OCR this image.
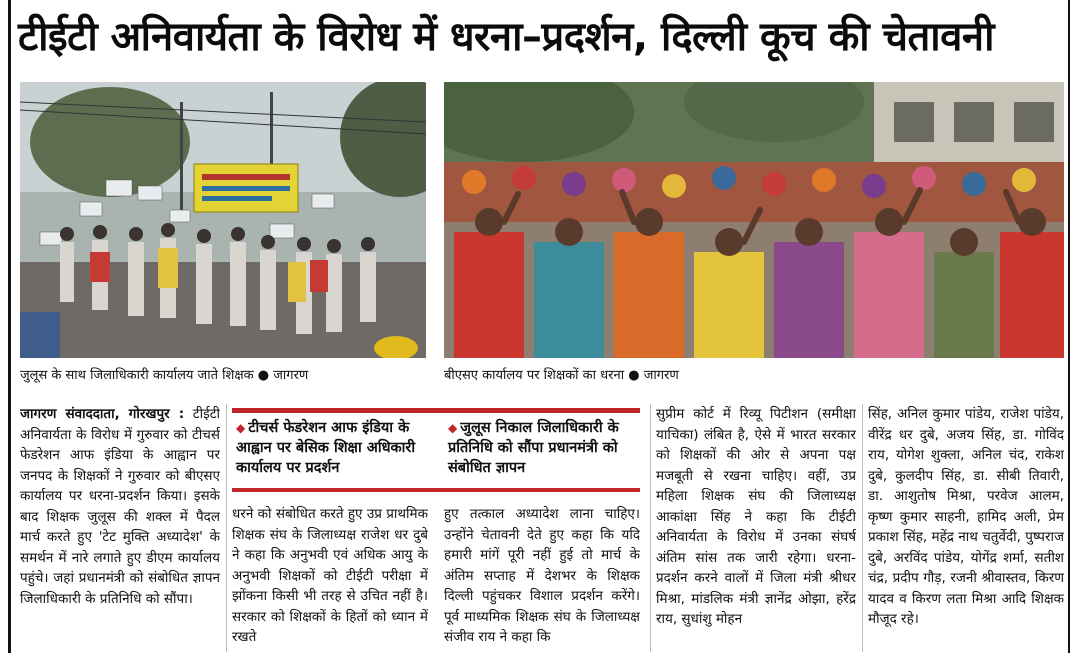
टीईटी अनिवार्यता के विरोध में धरना–प्रदर्शन, दिल्ली कूच की चेतावनी
जुलूस के साथ जिलाधिकारी कार्यालय जाते शिक्षक ● जागरण	बीएसए कार्यालय पर शिक्षकों का धरना ● जागरण
◆ टीचर्स फेडरेशन आफ इंडिया के आह्वान पर बेसिक शिक्षा अधिकारी कार्यालय पर प्रदर्शन
◆ जुलूस निकाल जिलाधिकारी के प्रतिनिधि को सौंपा प्रधानमंत्री को संबोधित ज्ञापन
जागरण संवाददाता, गोरखपुर : टीईटी अनिवार्यता के विरोध में गुरुवार को टीचर्स फेडरेशन आफ इंडिया के आह्वान पर जनपद के शिक्षकों ने गुरुवार को बीएसए कार्यालय पर धरना-प्रदर्शन किया। इसके बाद शिक्षक जुलूस की शक्ल में पैदल मार्च करते हुए 'टेट मुक्ति अध्यादेश' के समर्थन में नारे लगाते हुए डीएम कार्यालय पहुंचे। जहां प्रधानमंत्री को संबोधित ज्ञापन जिलाधिकारी के प्रतिनिधि को सौंपा।
धरने को संबोधित करते हुए उप्र प्राथमिक शिक्षक संघ के जिलाध्यक्ष राजेश धर दुबे ने कहा कि अनुभवी एवं अधिक आयु के अनुभवी शिक्षकों को टीईटी परीक्षा में झोंकना किसी भी तरह से उचित नहीं है। सरकार को शिक्षकों के हितों को ध्यान में रखते
हुए तत्काल अध्यादेश लाना चाहिए। उन्होंने चेतावनी देते हुए कहा कि यदि हमारी मांगें पूरी नहीं हुई तो मार्च के अंतिम सप्ताह में देशभर के शिक्षक दिल्ली पहुंचकर विशाल प्रदर्शन करेंगे। पूर्व माध्यमिक शिक्षक संघ के जिलाध्यक्ष संजीव राय ने कहा कि
सुप्रीम कोर्ट में रिव्यू पिटीशन (समीक्षा याचिका) लंबित है, ऐसे में भारत सरकार को शिक्षकों की ओर से अपना पक्ष मजबूती से रखना चाहिए। वहीं, उप्र महिला शिक्षक संघ की जिलाध्यक्ष आकांक्षा सिंह ने कहा कि टीईटी अनिवार्यता के विरोध में उनका संघर्ष अंतिम सांस तक जारी रहेगा। धरना-प्रदर्शन करने वालों में जिला मंत्री श्रीधर मिश्रा, मांडलिक मंत्री ज्ञानेंद्र ओझा, हरेंद्र राय, सुधांशु मोहन
सिंह, अनिल कुमार पांडेय, राजेश पांडेय, वीरेंद्र धर दुबे, अजय सिंह, डा. गोविंद राय, योगेश शुक्ला, अनिल चंद, राकेश दुबे, कुलदीप सिंह, डा. सीबी तिवारी, डा. आशुतोष मिश्रा, परवेज आलम, कृष्ण कुमार साहनी, हामिद अली, प्रेम प्रकाश सिंह, महेंद्र नाथ चतुर्वेदी, पुष्पराज दुबे, अरविंद पांडेय, योगेंद्र शर्मा, सतीश चंद्र, प्रदीप गौड़, रजनी श्रीवास्तव, किरण यादव व किरण लता मिश्रा आदि शिक्षक मौजूद रहे।
